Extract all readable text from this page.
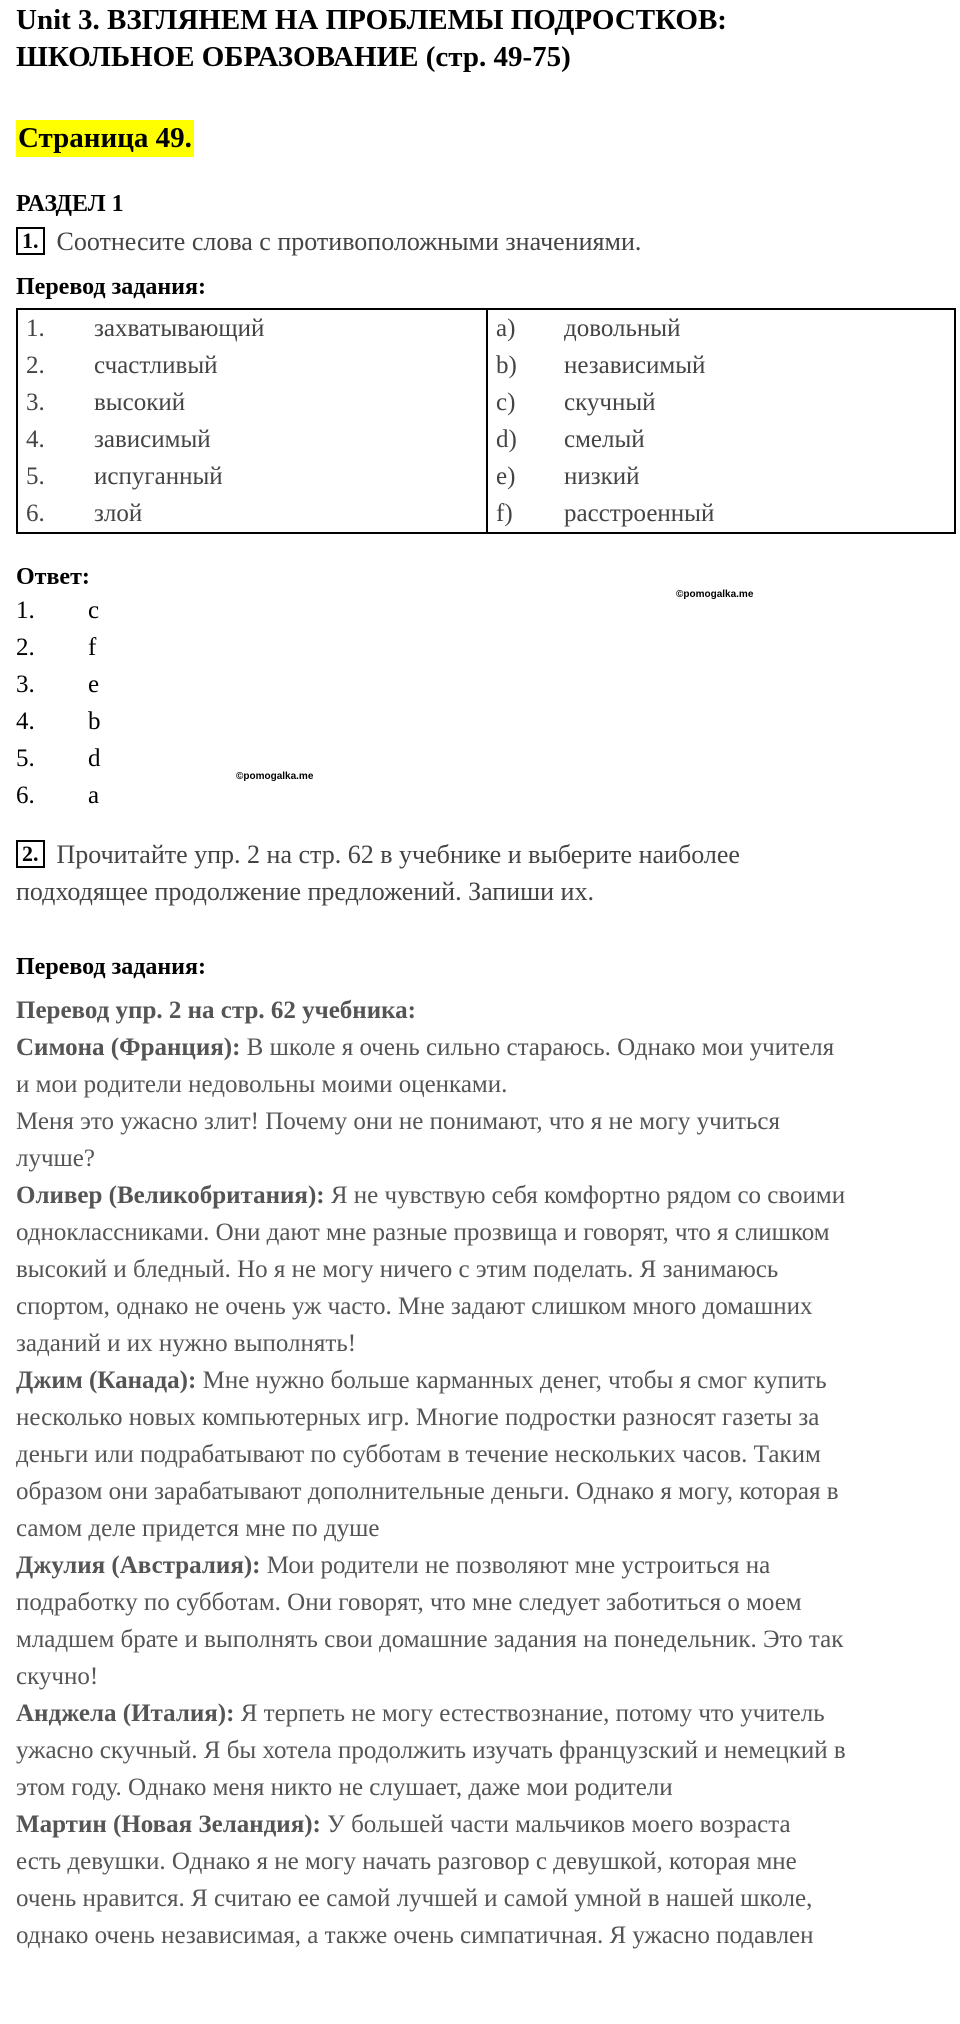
Unit 3. ВЗГЛЯНЕМ НА ПРОБЛЕМЫ ПОДРОСТКОВ:
ШКОЛЬНОЕ ОБРАЗОВАНИЕ (стр. 49-75)
Страница 49.
РАЗДЕЛ 1
1. Соотнесите слова с противоположными значениями.
Перевод задания:
1. захватывающий	a) довольный
2. счастливый	b) независимый
3. высокий	c) скучный
4. зависимый	d) смелый
5. испуганный	e) низкий
6. злой	f) расстроенный
©pomogalka.me
Ответ:
1. c
2. f
3. e
4. b
5. d
6. a
©pomogalka.me
2. Прочитайте упр. 2 на стр. 62 в учебнике и выберите наиболее
подходящее продолжение предложений. Запиши их.
Перевод задания:

Перевод упр. 2 на стр. 62 учебника:

Симона (Франция): В школе я очень сильно стараюсь. Однако мои учителя

и мои родители недовольны моими оценками.

Меня это ужасно злит! Почему они не понимают, что я не могу учиться

лучше?

Оливер (Великобритания): Я не чувствую себя комфортно рядом со своими

одноклассниками. Они дают мне разные прозвища и говорят, что я слишком

высокий и бледный. Но я не могу ничего с этим поделать. Я занимаюсь

спортом, однако не очень уж часто. Мне задают слишком много домашних

заданий и их нужно выполнять!

Джим (Канада): Мне нужно больше карманных денег, чтобы я смог купить

несколько новых компьютерных игр. Многие подростки разносят газеты за

деньги или подрабатывают по субботам в течение нескольких часов. Таким

образом они зарабатывают дополнительные деньги. Однако я могу, которая в

самом деле придется мне по душе

Джулия (Австралия): Мои родители не позволяют мне устроиться на

подработку по субботам. Они говорят, что мне следует заботиться о моем

младшем брате и выполнять свои домашние задания на понедельник. Это так

скучно!

Анджела (Италия): Я терпеть не могу естествознание, потому что учитель

ужасно скучный. Я бы хотела продолжить изучать французский и немецкий в

этом году. Однако меня никто не слушает, даже мои родители

Мартин (Новая Зеландия): У большей части мальчиков моего возраста

есть девушки. Однако я не могу начать разговор с девушкой, которая мне

очень нравится. Я считаю ее самой лучшей и самой умной в нашей школе,

однако очень независимая, а также очень симпатичная. Я ужасно подавлен
